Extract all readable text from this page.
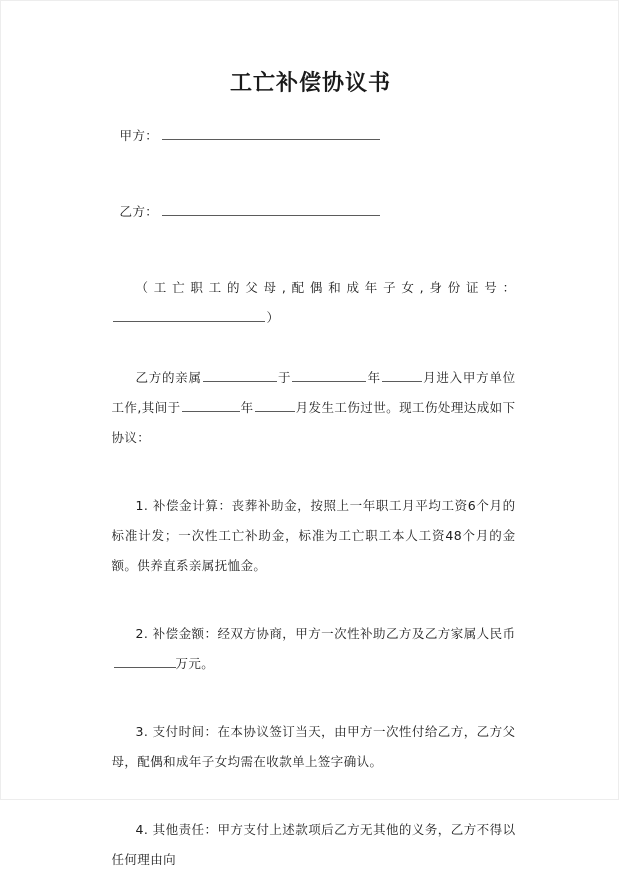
工亡补偿协议书
甲方：
乙方：

（工亡职工的父母,配偶和成年子女,身份证号：）

乙方的亲属	于	年	月进入甲方单位工作,其间于	年	月发生工伤过世。现工伤处理达成如下协议：

1. 补偿金计算：丧葬补助金，按照上一年职工月平均工资6个月的标准计发；一次性工亡补助金，标准为工亡职工本人工资48个月的金额。供养直系亲属抚恤金。

2. 补偿金额：经双方协商，甲方一次性补助乙方及乙方家属人民币万元。

3. 支付时间：在本协议签订当天，由甲方一次性付给乙方，乙方父母，配偶和成年子女均需在收款单上签字确认。

4. 其他责任：甲方支付上述款项后乙方无其他的义务，乙方不得以任何理由向
